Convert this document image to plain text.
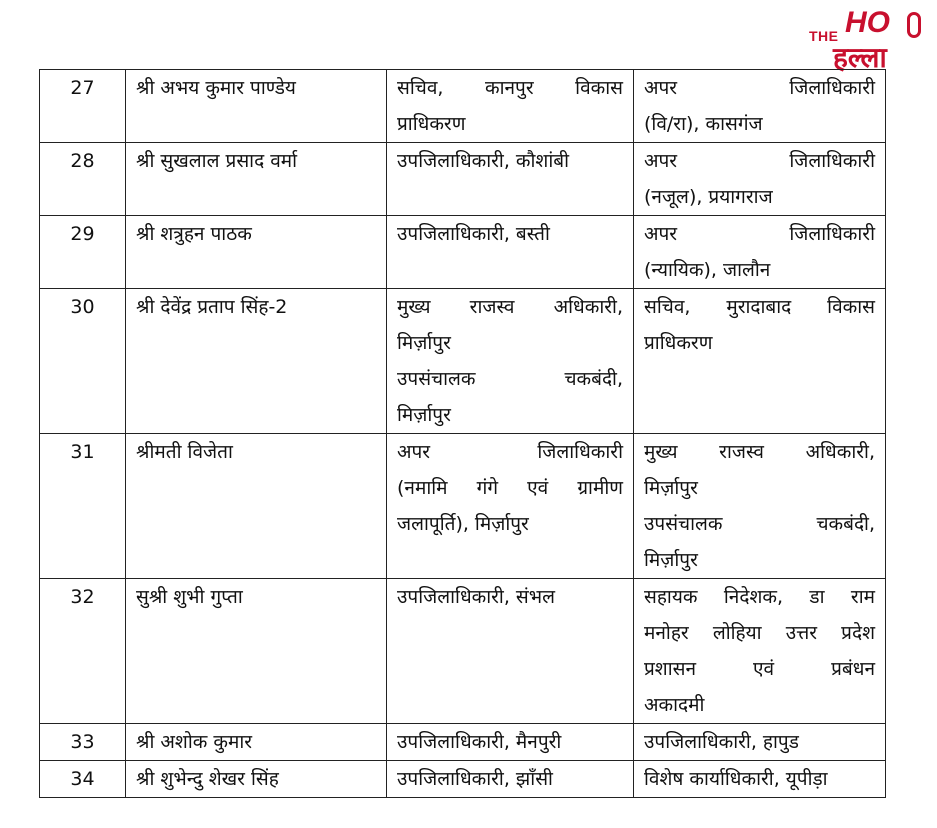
THE HO
हल्ला
27	श्री अभय कुमार पाण्डेय	सचिव, कानपुर विकास
प्राधिकरण	अपर जिलाधिकारी
(वि/रा), कासगंज

28	श्री सुखलाल प्रसाद वर्मा	उपजिलाधिकारी, कौशांबी	अपर जिलाधिकारी
(नजूल), प्रयागराज

29	श्री शत्रुहन पाठक	उपजिलाधिकारी, बस्ती	अपर जिलाधिकारी
(न्यायिक), जालौन

30	श्री देवेंद्र प्रताप सिंह-2	मुख्य राजस्व अधिकारी,
मिर्ज़ापुर
उपसंचालक चकबंदी,
मिर्ज़ापुर	सचिव, मुरादाबाद विकास
प्राधिकरण

31	श्रीमती विजेता	अपर जिलाधिकारी
(नमामि गंगे एवं ग्रामीण
जलापूर्ति), मिर्ज़ापुर	मुख्य राजस्व अधिकारी,
मिर्ज़ापुर
उपसंचालक चकबंदी,
मिर्ज़ापुर

32	सुश्री शुभी गुप्ता	उपजिलाधिकारी, संभल	सहायक निदेशक, डा राम
मनोहर लोहिया उत्तर प्रदेश
प्रशासन एवं प्रबंधन
अकादमी

33	श्री अशोक कुमार	उपजिलाधिकारी, मैनपुरी	उपजिलाधिकारी, हापुड

34	श्री शुभेन्दु शेखर सिंह	उपजिलाधिकारी, झाँसी	विशेष कार्याधिकारी, यूपीड़ा
